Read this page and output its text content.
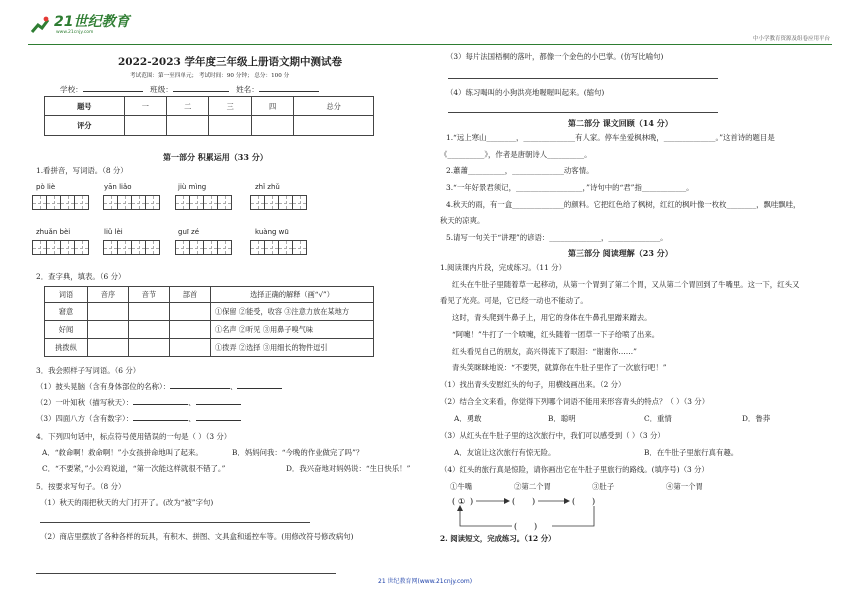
21世纪教育
www.21cnjy.com
中小学教育资源及组卷应用平台
2022-2023 学年度三年级上册语文期中测试卷
考试范围：第一至四单元； 考试时间：90 分钟； 总分：100 分
学校：	班级：	姓名：
题号	一	二	三	四	总分
评分					
第一部分 积累运用（33 分）
1.看拼音，写词语。（8 分）
pò liè	yān liǎo	jiù mìng	zhǐ zhǔ
zhuǎn bèi	liǔ lèi	guī zé	kuàng wū
2．查字典，填表。（6 分）
词语	音序	音节	部首	选择正确的解释（画“√”）
窘意				①保留 ②能受，收容 ③注意力放在某地方
好闻				①名声 ②听见 ③用鼻子嗅气味
挑拨纵				①拨弄 ②选择 ③用细长的物件逗引
3．我会照样子写词语。（6 分）
（1）披头晃脑（含有身体部位的名称）：	、
（2）一叶知秋（描写秋天）：	、
（3）四面八方（含有数字）：	、
4．下列四句话中，标点符号使用错误的一句是（ ）（3 分）
A．“救命啊！救命啊！”小女孩拼命地叫了起来。	B．妈妈问我：“今晚的作业做完了吗”？
C．“不要紧，”小公鸡说道，“第一次能这样就很不错了。”	D．我兴奋地对妈妈说：“生日快乐！”
5．按要求写句子。（8 分）
（1）秋天的雨把秋天的大门打开了。(改为“被”字句)
（2）商店里摆放了各种各样的玩具，有积木、拼图、文具盒和遥控车等。(用修改符号修改病句)
（3）每片法国梧桐的落叶，都像一个金色的小巴掌。(仿写比喻句)
（4）练习喝叫的小狗洪亮地喔喔叫起来。(缩句)
第二部分 课文回顾（14 分）
1.“远上寒山________，______________有人家。停车坐爱枫林晚，______________。”这首诗的题目是
《__________》，作者是唐朝诗人__________。
2.蕭蕭__________，______________动客情。
3.“一年好景君须记，__________________，”诗句中的“君”指____________。
4.秋天的雨，有一盒______________的颜料。它把红色给了枫树，红红的枫叶像一枚枚________，飘哇飘哇，
秋天的凉爽。
5.请写一句关于“讲理”的谚语：______________，______________。
第三部分 阅读理解（23 分）
1.阅读课内片段，完成练习。（11 分）
红头在牛肚子里随着草一起移动，从第一个胃到了第二个胃，又从第二个胃回到了牛嘴里。这一下，红头又
看见了光亮。可是，它已经一动也不能动了。
这时，青头爬到牛鼻子上，用它的身体在牛鼻孔里蹭来蹭去。
“阿嚏！”牛打了一个喷嚏，红头随着一团草一下子给喷了出来。
红头看见自己的朋友，高兴得流下了眼泪：“谢谢你……”
青头笑眯眯地说：“不要哭，就算你在牛肚子里作了一次旅行吧！”
（1）找出青头安慰红头的句子，用横线画出来。（2 分）
（2）结合全文来看，你觉得下列哪个词语不能用来形容青头的特点？（ ）（3 分）
A．勇敢	B．聪明	C．重情	D．鲁莽
（3）从红头在牛肚子里的这次旅行中，我们可以感受到（ ）（3 分）
A．友谊让这次旅行有惊无险。	B．在牛肚子里旅行真有趣。
（4）红头的旅行真是惊险，请你画出它在牛肚子里旅行的路线。(填序号)（3 分）
①牛嘴	②第二个胃	③肚子	④第一个胃
( ① )	( )	( )
( )
2. 阅读短文，完成练习。（12 分）
21 世纪教育网(www.21cnjy.com)
